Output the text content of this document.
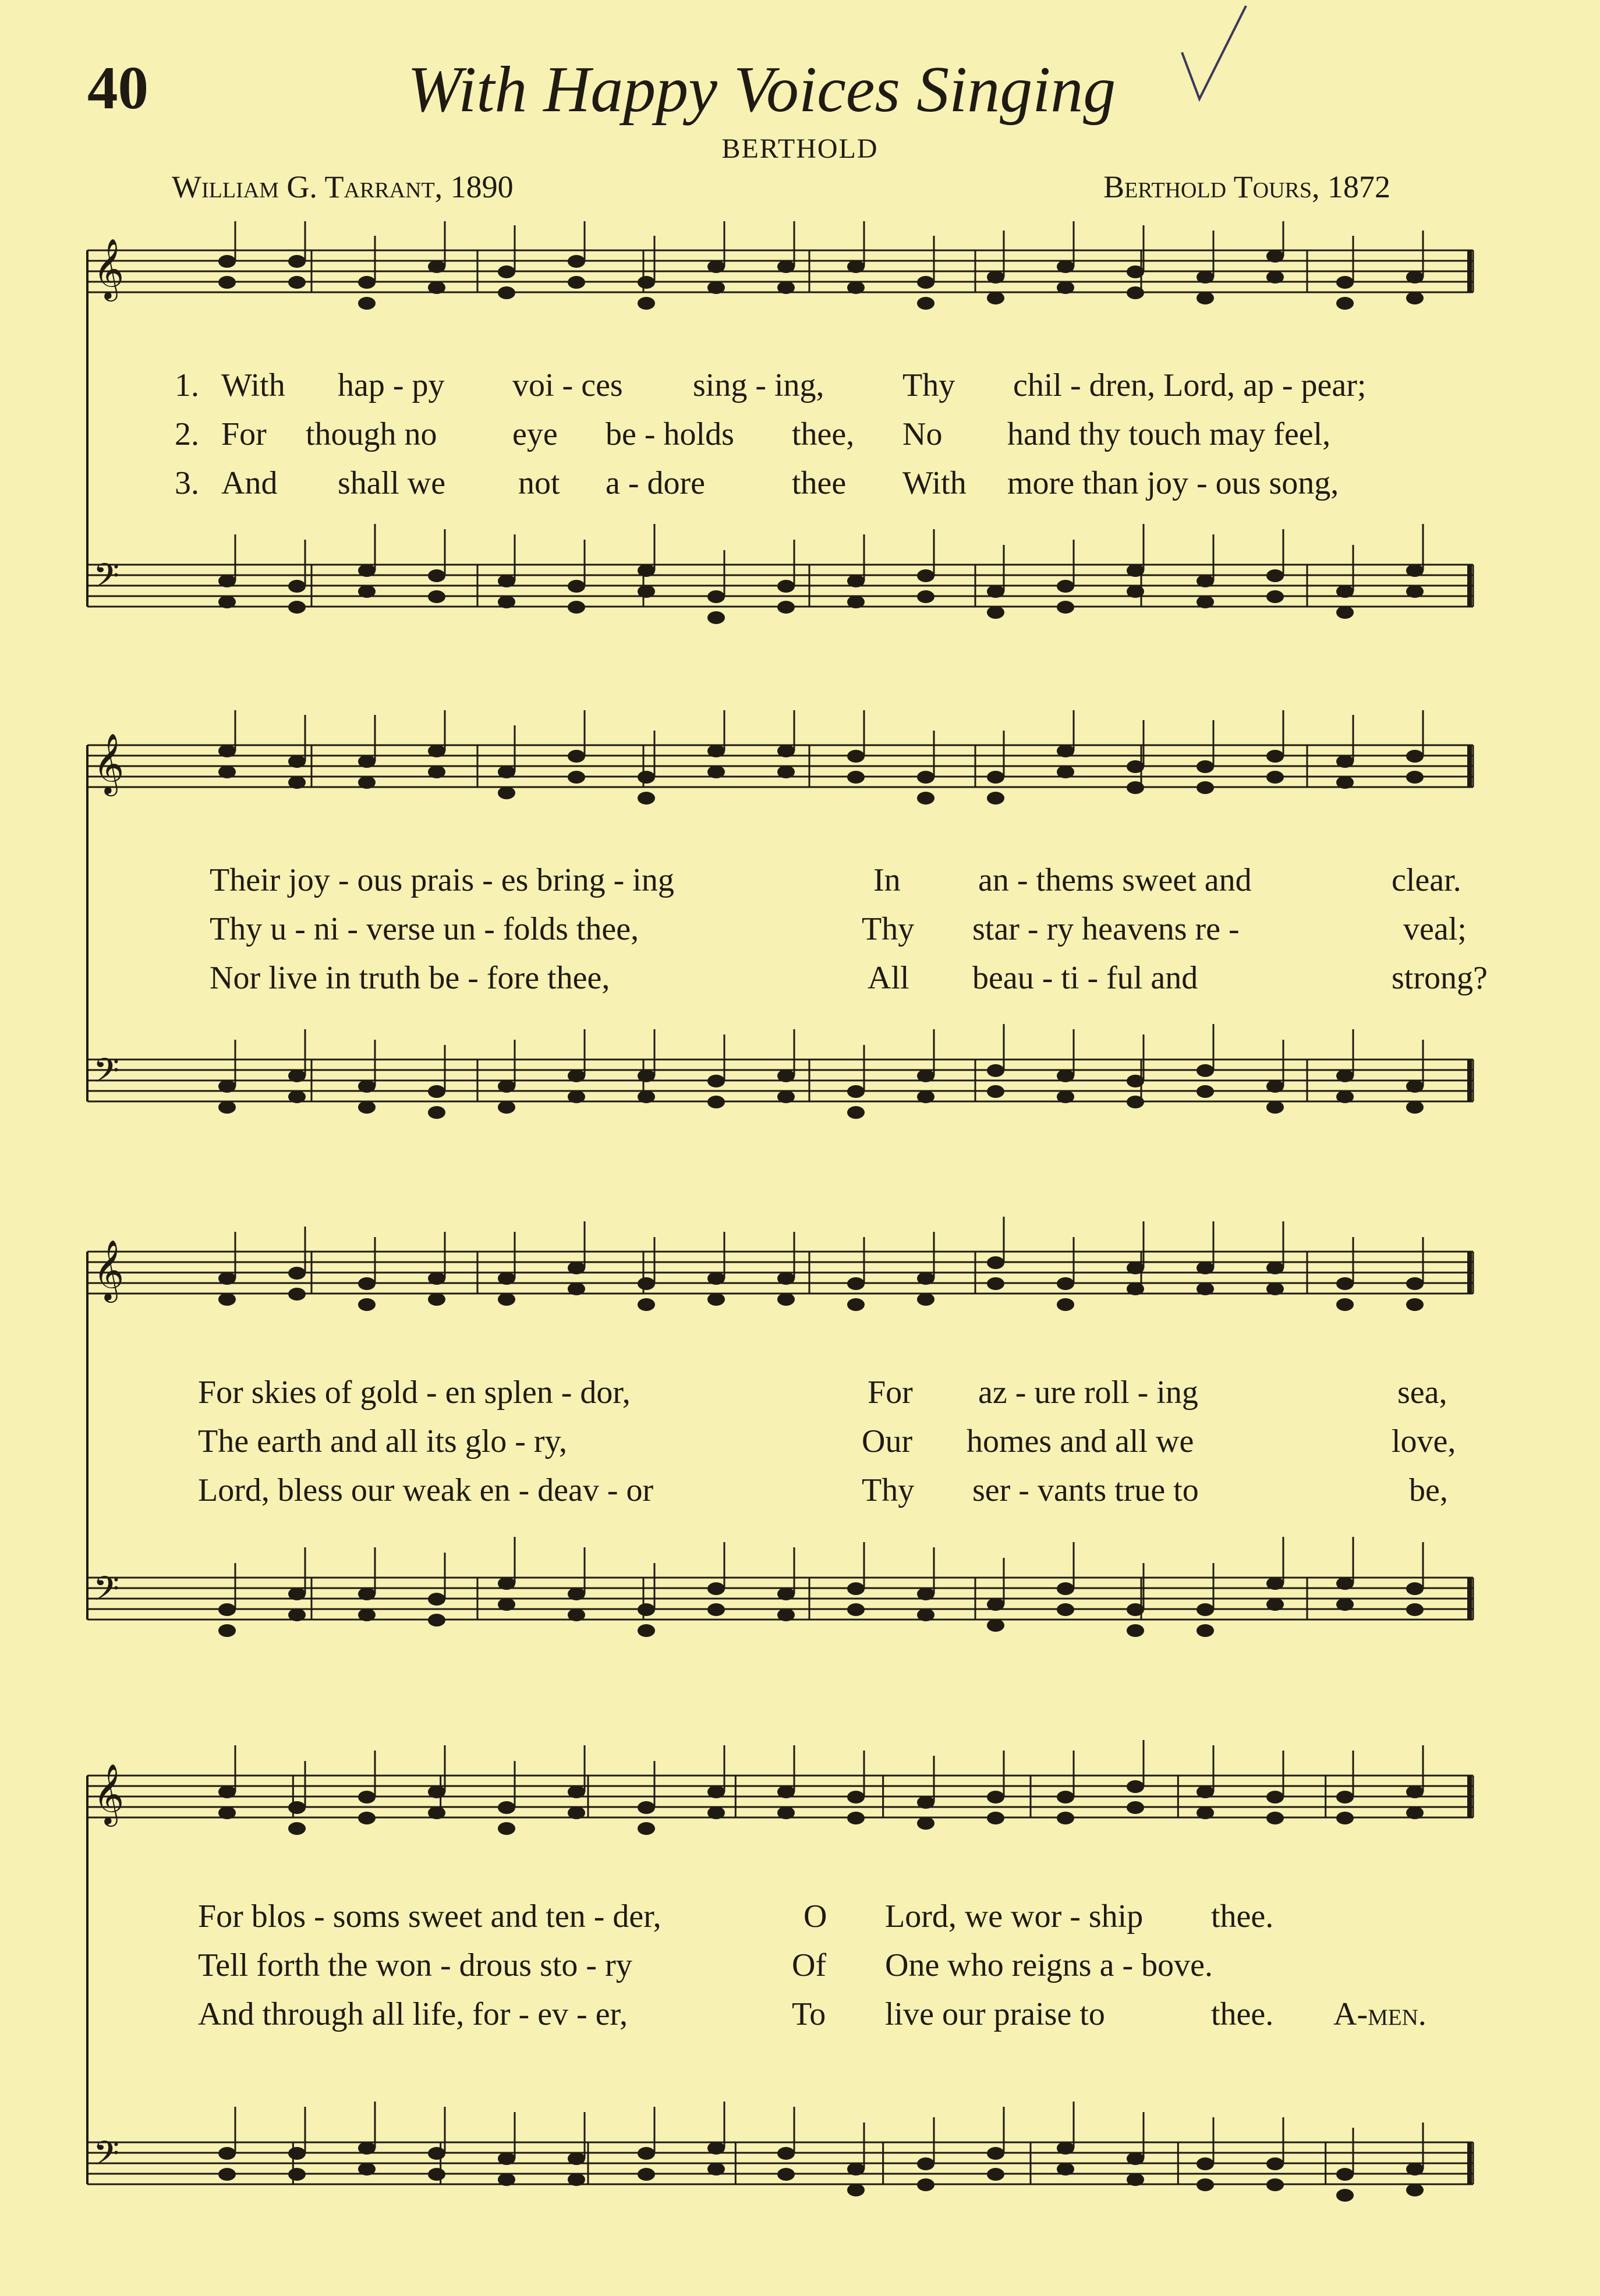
40	With Happy Voices Singing
BERTHOLD
William G. Tarrant, 1890	Berthold Tours, 1872
𝄞
𝄢
1. With hap - py voi - ces sing - ing, Thy chil - dren, Lord, ap - pear;
2. For though no eye be - holds thee, No hand thy touch may feel,
3. And shall we not a - dore	thee With more than joy - ous song,
𝄞
𝄢
Their joy - ous prais - es bring - ing	In an - thems sweet and	clear.
Thy u - ni - verse un - folds thee,	Thy star - ry heavens re -	veal;
Nor live in truth be - fore thee,	All beau - ti - ful and	strong?
𝄞
𝄢
For skies of gold - en splen - dor,	For az - ure roll - ing	sea,
The earth and all its glo - ry,	Our homes and all we	love,
Lord, bless our weak en - deav - or	Thy ser - vants true to	be,
𝄞
𝄢
For blos - soms sweet and ten - der,	O Lord, we wor - ship thee.
Tell forth the won - drous sto - ry	Of One who reigns a - bove.
And through all life, for - ev - er,	To live our praise to	thee. A-men.
